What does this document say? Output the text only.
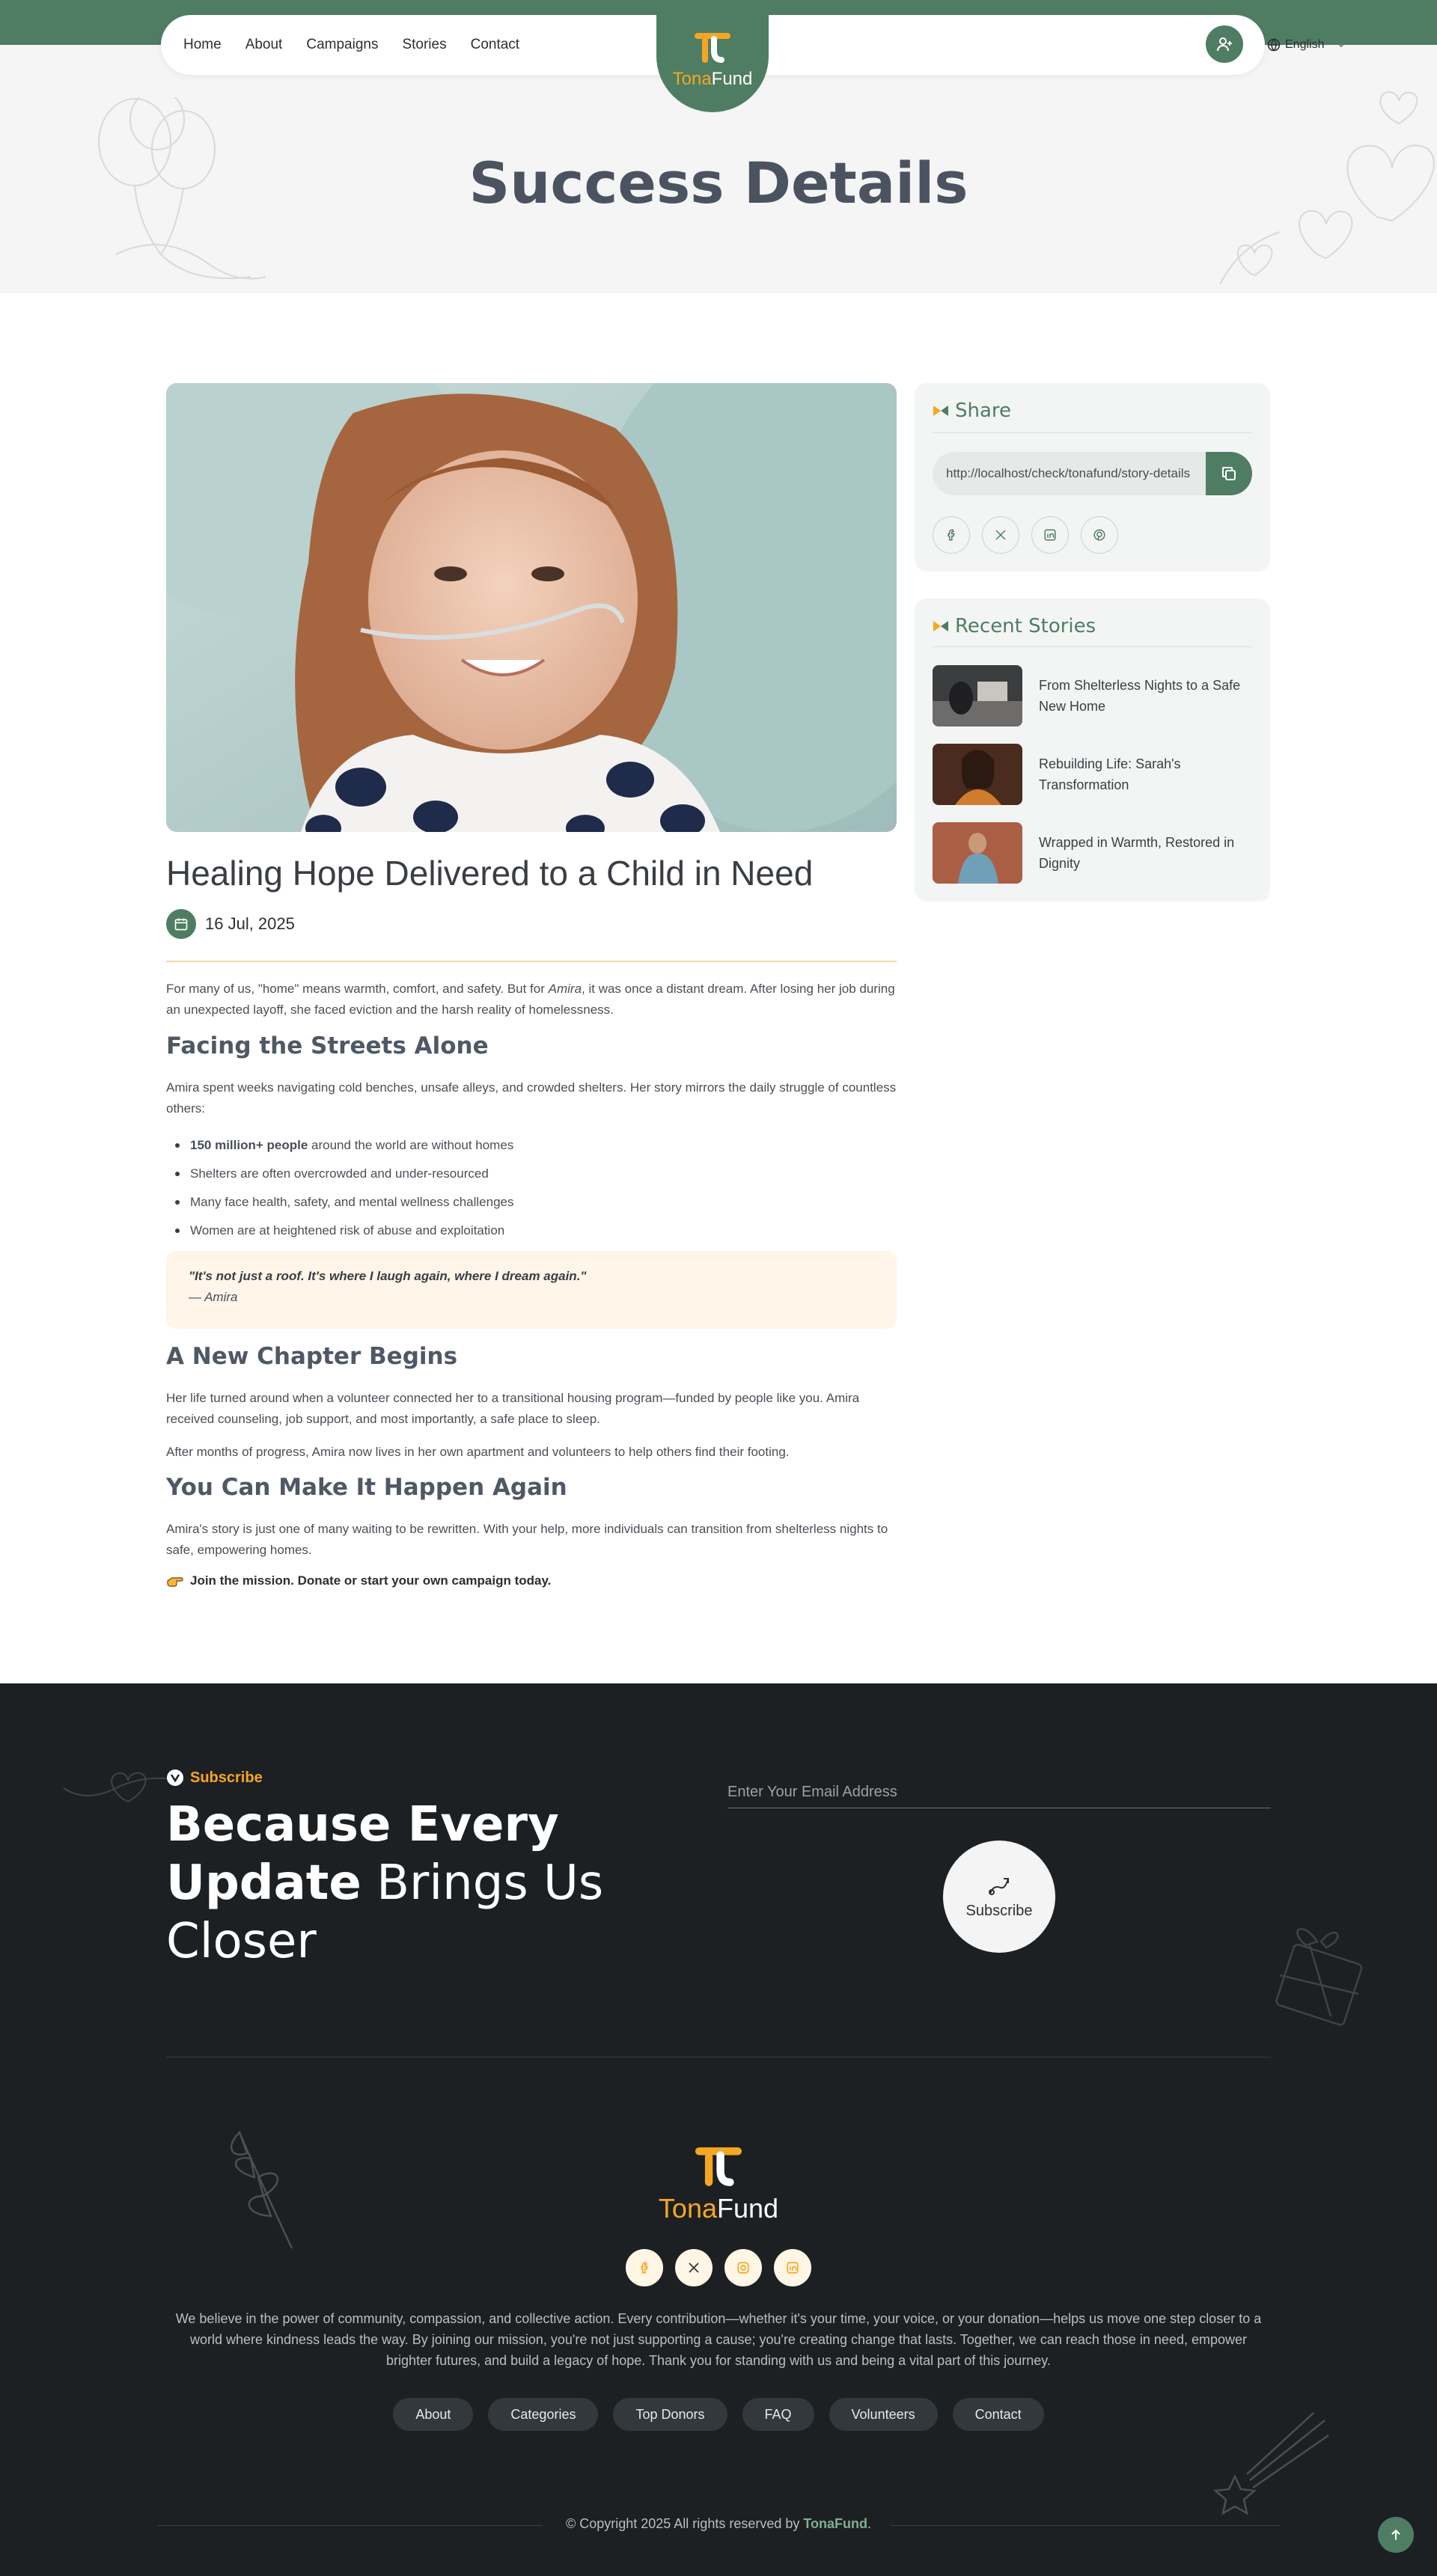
Success Details
Home About Campaigns Stories Contact	English
TonaFund
Healing Hope Delivered to a Child in Need
16 Jul, 2025

For many of us, "home" means warmth, comfort, and safety. But for Amira, it was once a distant dream. After losing her job during an unexpected layoff, she faced eviction and the harsh reality of homelessness.

Facing the Streets Alone

Amira spent weeks navigating cold benches, unsafe alleys, and crowded shelters. Her story mirrors the daily struggle of countless others:

150 million+ people around the world are without homes
Shelters are often overcrowded and under-resourced
Many face health, safety, and mental wellness challenges
Women are at heightened risk of abuse and exploitation
"It's not just a roof. It's where I laugh again, where I dream again."
— Amira
A New Chapter Begins

Her life turned around when a volunteer connected her to a transitional housing program—funded by people like you. Amira received counseling, job support, and most importantly, a safe place to sleep.

After months of progress, Amira now lives in her own apartment and volunteers to help others find their footing.

You Can Make It Happen Again

Amira's story is just one of many waiting to be rewritten. With your help, more individuals can transition from shelterless nights to safe, empowering homes.

Join the mission. Donate or start your own campaign today.
Share
http://localhost/check/tonafund/story-details
Recent Stories
From Shelterless Nights to a Safe New Home
Rebuilding Life: Sarah's Transformation
Wrapped in Warmth, Restored in Dignity
Subscribe
Because Every Update Brings Us Closer
Enter Your Email Address
Subscribe
TonaFund

We believe in the power of community, compassion, and collective action. Every contribution—whether it's your time, your voice, or your donation—helps us move one step closer to a world where kindness leads the way. By joining our mission, you're not just supporting a cause; you're creating change that lasts. Together, we can reach those in need, empower brighter futures, and build a legacy of hope. Thank you for standing with us and being a vital part of this journey.

About	Categories	Top Donors	FAQ	Volunteers	Contact
© Copyright 2025 All rights reserved by TonaFund.
